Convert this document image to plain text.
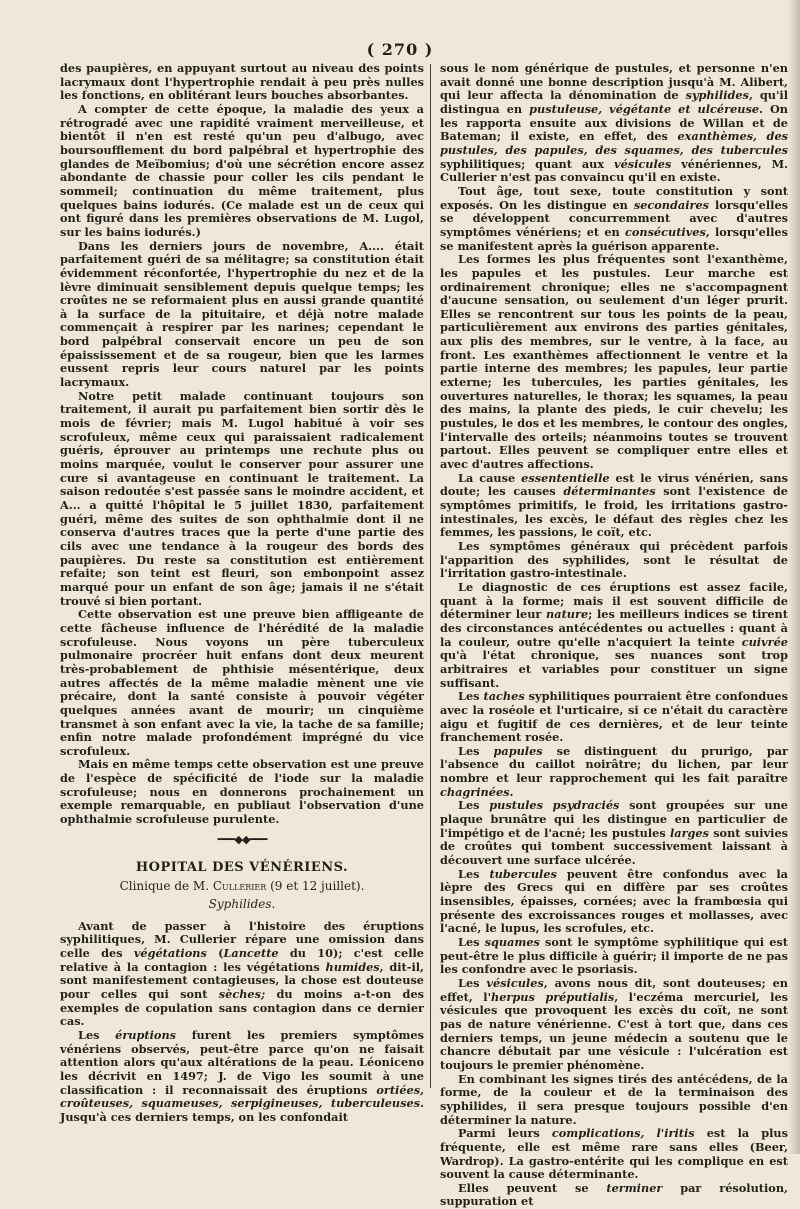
( 270 )

des paupières, en appuyant surtout au niveau des points lacrymaux dont l'hypertrophie rendait à peu près nulles les fonctions, en oblitérant leurs bouches absorbantes.

A compter de cette époque, la maladie des yeux a rétrogradé avec une rapidité vraiment merveilleuse, et bientôt il n'en est resté qu'un peu d'albugo, avec boursoufflement du bord palpébral et hypertrophie des glandes de Meïbomius; d'où une sécrétion encore assez abondante de chassie pour coller les cils pendant le sommeil; continuation du même traitement, plus quelques bains iodurés. (Ce malade est un de ceux qui ont figuré dans les premières observations de M. Lugol, sur les bains iodurés.)

Dans les derniers jours de novembre, A.... était parfaitement guéri de sa mélitagre; sa constitution était évidemment réconfortée, l'hypertrophie du nez et de la lèvre diminuait sensiblement depuis quelque temps; les croûtes ne se reformaient plus en aussi grande quantité à la surface de la pituitaire, et déjà notre malade commençait à respirer par les narines; cependant le bord palpébral conservait encore un peu de son épaississement et de sa rougeur, bien que les larmes eussent repris leur cours naturel par les points lacrymaux.

Notre petit malade continuant toujours son traitement, il aurait pu parfaitement bien sortir dès le mois de février; mais M. Lugol habitué à voir ses scrofuleux, même ceux qui paraissaient radicalement guéris, éprouver au printemps une rechute plus ou moins marquée, voulut le conserver pour assurer une cure si avantageuse en continuant le traitement. La saison redoutée s'est passée sans le moindre accident, et A... a quitté l'hôpital le 5 juillet 1830, parfaitement guéri, même des suites de son ophthalmie dont il ne conserva d'autres traces que la perte d'une partie des cils avec une tendance à la rougeur des bords des paupières. Du reste sa constitution est entièrement refaite; son teint est fleuri, son embonpoint assez marqué pour un enfant de son âge; jamais il ne s'était trouvé si bien portant.

Cette observation est une preuve bien affligeante de cette fâcheuse influence de l'hérédité de la maladie scrofuleuse. Nous voyons un père tuberculeux pulmonaire procréer huit enfans dont deux meurent très-probablement de phthisie mésentérique, deux autres affectés de la même maladie mènent une vie précaire, dont la santé consiste à pouvoir végéter quelques années avant de mourir; un cinquième transmet à son enfant avec la vie, la tache de sa famille; enfin notre malade profondément imprégné du vice scrofuleux.

Mais en même temps cette observation est une preuve de l'espèce de spécificité de l'iode sur la maladie scrofuleuse; nous en donnerons prochainement un exemple remarquable, en publiaut l'observation d'une ophthalmie scrofuleuse purulente.

━━━◆◆━━━
HOPITAL DES VÉNÉRIENS.
Clinique de M. Cullerier (9 et 12 juillet).
Syphilides.

Avant de passer à l'histoire des éruptions syphilitiques, M. Cullerier répare une omission dans celle des végétations (Lancette du 10); c'est celle relative à la contagion : les végétations humides, dit-il, sont manifestement contagieuses, la chose est douteuse pour celles qui sont sèches; du moins a-t-on des exemples de copulation sans contagion dans ce dernier cas.

Les éruptions furent les premiers symptômes vénériens observés, peut-être parce qu'on ne faisait attention alors qu'aux altérations de la peau. Léoniceno les décrivit en 1497; J. de Vigo les soumit à une classification : il reconnaissait des éruptions ortiées, croûteuses, squameuses, serpigineuses, tuberculeuses. Jusqu'à ces derniers temps, on les confondait

sous le nom générique de pustules, et personne n'en avait donné une bonne description jusqu'à M. Alibert, qui leur affecta la dénomination de syphilides, qu'il distingua en pustuleuse, végétante et ulcéreuse. On les rapporta ensuite aux divisions de Willan et de Bateman; il existe, en effet, des exanthèmes, des pustules, des papules, des squames, des tubercules syphilitiques; quant aux vésicules vénériennes, M. Cullerier n'est pas convaincu qu'il en existe.

Tout âge, tout sexe, toute constitution y sont exposés. On les distingue en secondaires lorsqu'elles se développent concurremment avec d'autres symptômes vénériens; et en consécutives, lorsqu'elles se manifestent après la guérison apparente.

Les formes les plus fréquentes sont l'exanthème, les papules et les pustules. Leur marche est ordinairement chronique; elles ne s'accompagnent d'aucune sensation, ou seulement d'un léger prurit. Elles se rencontrent sur tous les points de la peau, particulièrement aux environs des parties génitales, aux plis des membres, sur le ventre, à la face, au front. Les exanthèmes affectionnent le ventre et la partie interne des membres; les papules, leur partie externe; les tubercules, les parties génitales, les ouvertures naturelles, le thorax; les squames, la peau des mains, la plante des pieds, le cuir chevelu; les pustules, le dos et les membres, le contour des ongles, l'intervalle des orteils; néanmoins toutes se trouvent partout. Elles peuvent se compliquer entre elles et avec d'autres affections.

La cause essententielle est le virus vénérien, sans doute; les causes déterminantes sont l'existence de symptômes primitifs, le froid, les irritations gastro-intestinales, les excès, le défaut des règles chez les femmes, les passions, le coït, etc.

Les symptômes généraux qui précèdent parfois l'apparition des syphilides, sont le résultat de l'irritation gastro-intestinale.

Le diagnostic de ces éruptions est assez facile, quant à la forme; mais il est souvent difficile de déterminer leur nature; les meilleurs indices se tirent des circonstances antécédentes ou actuelles : quant à la couleur, outre qu'elle n'acquiert la teinte cuivrée qu'à l'état chronique, ses nuances sont trop arbitraires et variables pour constituer un signe suffisant.

Les taches syphilitiques pourraient être confondues avec la roséole et l'urticaire, si ce n'était du caractère aigu et fugitif de ces dernières, et de leur teinte franchement rosée.

Les papules se distinguent du prurigo, par l'absence du caillot noirâtre; du lichen, par leur nombre et leur rapprochement qui les fait paraître chagrinées.

Les pustules psydraciés sont groupées sur une plaque brunâtre qui les distingue en particulier de l'impétigo et de l'acné; les pustules larges sont suivies de croûtes qui tombent successivement laissant à découvert une surface ulcérée.

Les tubercules peuvent être confondus avec la lèpre des Grecs qui en diffère par ses croûtes insensibles, épaisses, cornées; avec la frambœsia qui présente des excroissances rouges et mollasses, avec l'acné, le lupus, les scrofules, etc.

Les squames sont le symptôme syphilitique qui est peut-être le plus difficile à guérir; il importe de ne pas les confondre avec le psoriasis.

Les vésicules, avons nous dit, sont douteuses; en effet, l'herpus préputialis, l'eczéma mercuriel, les vésicules que provoquent les excès du coït, ne sont pas de nature vénérienne. C'est à tort que, dans ces derniers temps, un jeune médecin a soutenu que le chancre débutait par une vésicule : l'ulcération est toujours le premier phénomène.

En combinant les signes tirés des antécédens, de la forme, de la couleur et de la terminaison des syphilides, il sera presque toujours possible d'en déterminer la nature.

Parmi leurs complications, l'iritis est la plus fréquente, elle est même rare sans elles (Beer, Wardrop). La gastro-entérite qui les complique en est souvent la cause déterminante.

Elles peuvent se terminer par résolution, suppuration et
